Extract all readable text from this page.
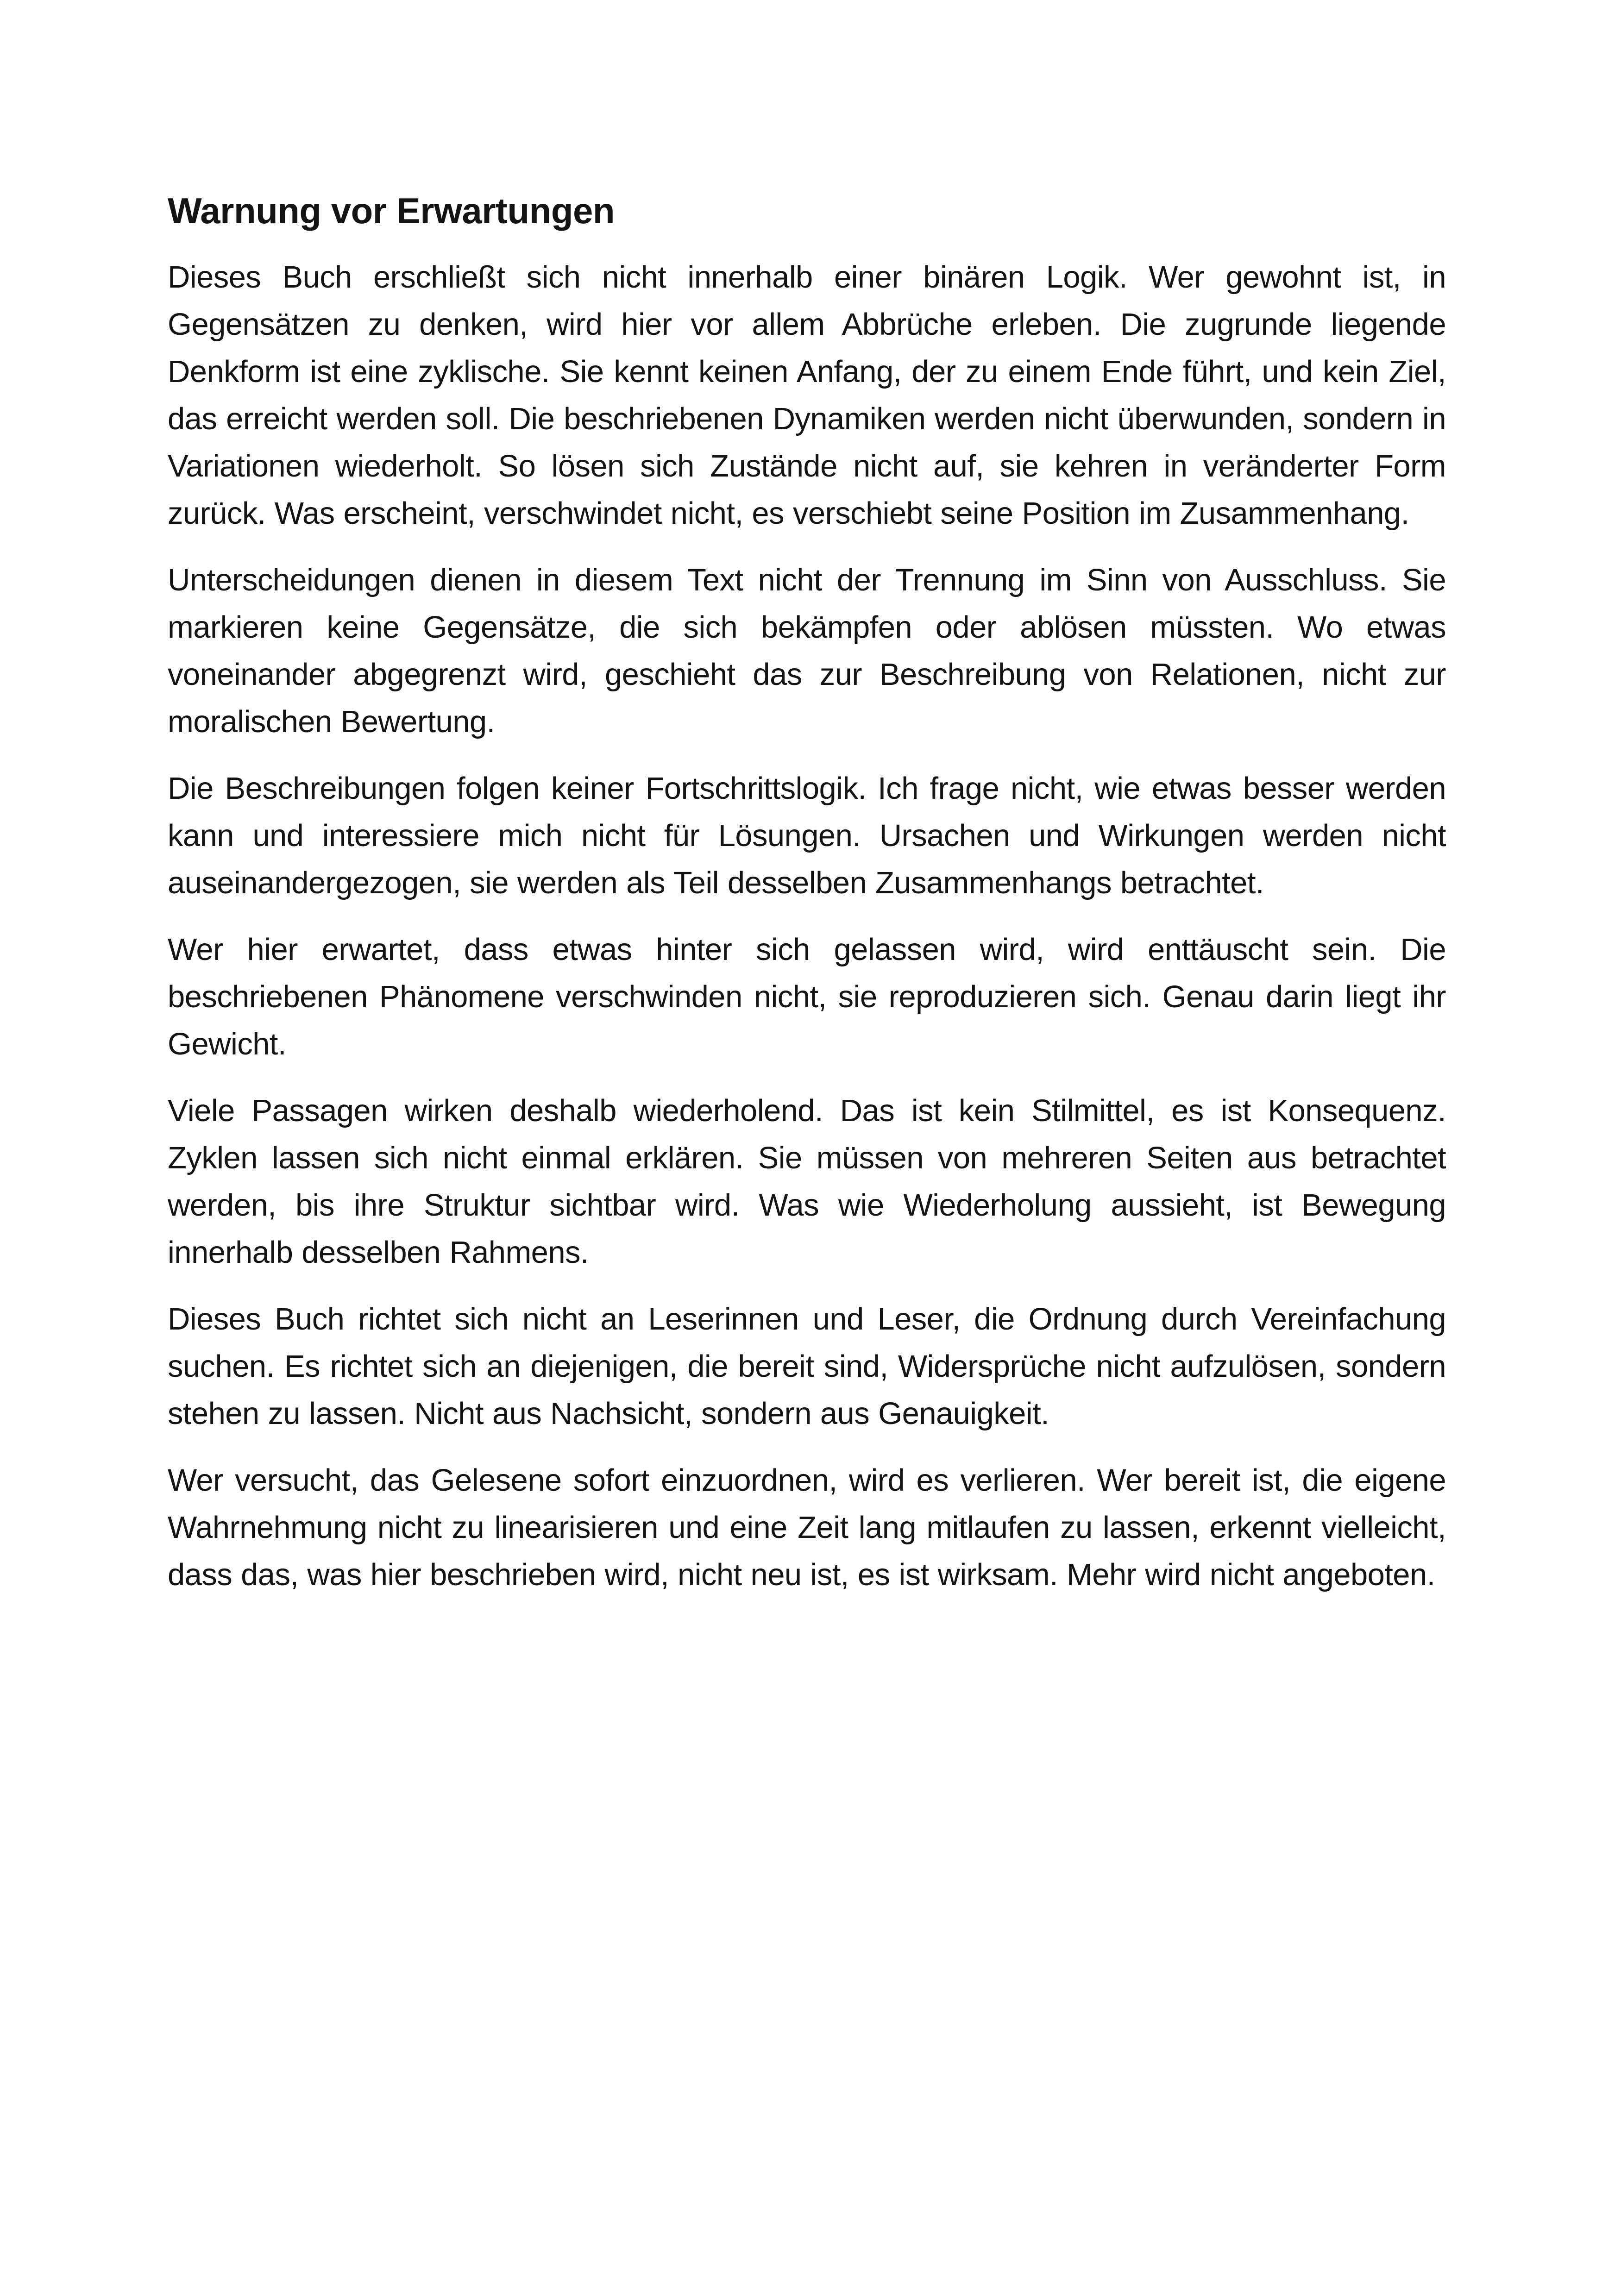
Warnung vor Erwartungen

Dieses Buch erschließt sich nicht innerhalb einer binären Logik. Wer gewohnt ist, in Gegensätzen zu denken, wird hier vor allem Abbrüche erleben. Die zugrunde liegende Denkform ist eine zyklische. Sie kennt keinen Anfang, der zu einem Ende führt, und kein Ziel, das erreicht werden soll. Die beschriebenen Dynamiken werden nicht überwunden, sondern in Variationen wiederholt. So lösen sich Zustände nicht auf, sie kehren in veränderter Form zurück. Was erscheint, verschwindet nicht, es verschiebt seine Position im Zusammenhang.

Unterscheidungen dienen in diesem Text nicht der Trennung im Sinn von Ausschluss. Sie markieren keine Gegensätze, die sich bekämpfen oder ablösen müssten. Wo etwas voneinander abgegrenzt wird, geschieht das zur Beschreibung von Relationen, nicht zur moralischen Bewertung.

Die Beschreibungen folgen keiner Fortschrittslogik. Ich frage nicht, wie etwas besser werden kann und interessiere mich nicht für Lösungen. Ursachen und Wirkungen werden nicht auseinandergezogen, sie werden als Teil desselben Zusammenhangs betrachtet.

Wer hier erwartet, dass etwas hinter sich gelassen wird, wird enttäuscht sein. Die beschriebenen Phänomene verschwinden nicht, sie reproduzieren sich. Genau darin liegt ihr Gewicht.

Viele Passagen wirken deshalb wiederholend. Das ist kein Stilmittel, es ist Konsequenz. Zyklen lassen sich nicht einmal erklären. Sie müssen von mehreren Seiten aus betrachtet werden, bis ihre Struktur sichtbar wird. Was wie Wiederholung aussieht, ist Bewegung innerhalb desselben Rahmens.

Dieses Buch richtet sich nicht an Leserinnen und Leser, die Ordnung durch Vereinfachung suchen. Es richtet sich an diejenigen, die bereit sind, Widersprüche nicht aufzulösen, sondern stehen zu lassen. Nicht aus Nachsicht, sondern aus Genauigkeit.

Wer versucht, das Gelesene sofort einzuordnen, wird es verlieren. Wer bereit ist, die eigene Wahrnehmung nicht zu linearisieren und eine Zeit lang mitlaufen zu lassen, erkennt vielleicht, dass das, was hier beschrieben wird, nicht neu ist, es ist wirksam. Mehr wird nicht angeboten.
